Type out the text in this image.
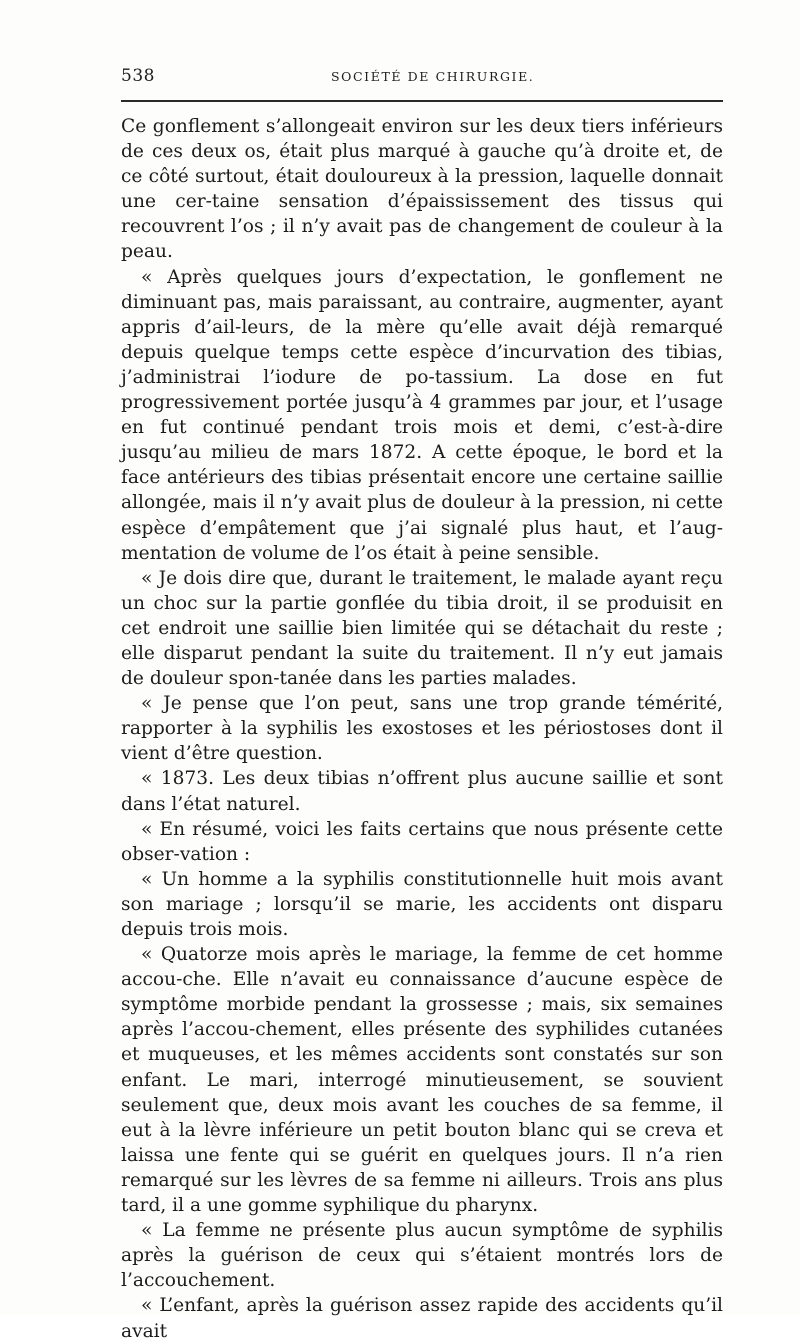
538	SOCIÉTÉ DE CHIRURGIE.

Ce gonflement s’allongeait environ sur les deux tiers inférieurs de ces deux os, était plus marqué à gauche qu’à droite et, de ce côté surtout, était douloureux à la pression, laquelle donnait une cer-taine sensation d’épaississement des tissus qui recouvrent l’os ; il n’y avait pas de changement de couleur à la peau.

« Après quelques jours d’expectation, le gonflement ne diminuant pas, mais paraissant, au contraire, augmenter, ayant appris d’ail-leurs, de la mère qu’elle avait déjà remarqué depuis quelque temps cette espèce d’incurvation des tibias, j’administrai l’iodure de po-tassium. La dose en fut progressivement portée jusqu’à 4 grammes par jour, et l’usage en fut continué pendant trois mois et demi, c’est-à-dire jusqu’au milieu de mars 1872. A cette époque, le bord et la face antérieurs des tibias présentait encore une certaine saillie allongée, mais il n’y avait plus de douleur à la pression, ni cette espèce d’empâtement que j’ai signalé plus haut, et l’aug-mentation de volume de l’os était à peine sensible.

« Je dois dire que, durant le traitement, le malade ayant reçu un choc sur la partie gonflée du tibia droit, il se produisit en cet endroit une saillie bien limitée qui se détachait du reste ; elle disparut pendant la suite du traitement. Il n’y eut jamais de douleur spon-tanée dans les parties malades.

« Je pense que l’on peut, sans une trop grande témérité, rapporter à la syphilis les exostoses et les périostoses dont il vient d’être question.

« 1873. Les deux tibias n’offrent plus aucune saillie et sont dans l’état naturel.

« En résumé, voici les faits certains que nous présente cette obser-vation :

« Un homme a la syphilis constitutionnelle huit mois avant son mariage ; lorsqu’il se marie, les accidents ont disparu depuis trois mois.

« Quatorze mois après le mariage, la femme de cet homme accou-che. Elle n’avait eu connaissance d’aucune espèce de symptôme morbide pendant la grossesse ; mais, six semaines après l’accou-chement, elles présente des syphilides cutanées et muqueuses, et les mêmes accidents sont constatés sur son enfant. Le mari, interrogé minutieusement, se souvient seulement que, deux mois avant les couches de sa femme, il eut à la lèvre inférieure un petit bouton blanc qui se creva et laissa une fente qui se guérit en quelques jours. Il n’a rien remarqué sur les lèvres de sa femme ni ailleurs. Trois ans plus tard, il a une gomme syphilique du pharynx.

« La femme ne présente plus aucun symptôme de syphilis après la guérison de ceux qui s’étaient montrés lors de l’accouchement.

« L’enfant, après la guérison assez rapide des accidents qu’il avait
